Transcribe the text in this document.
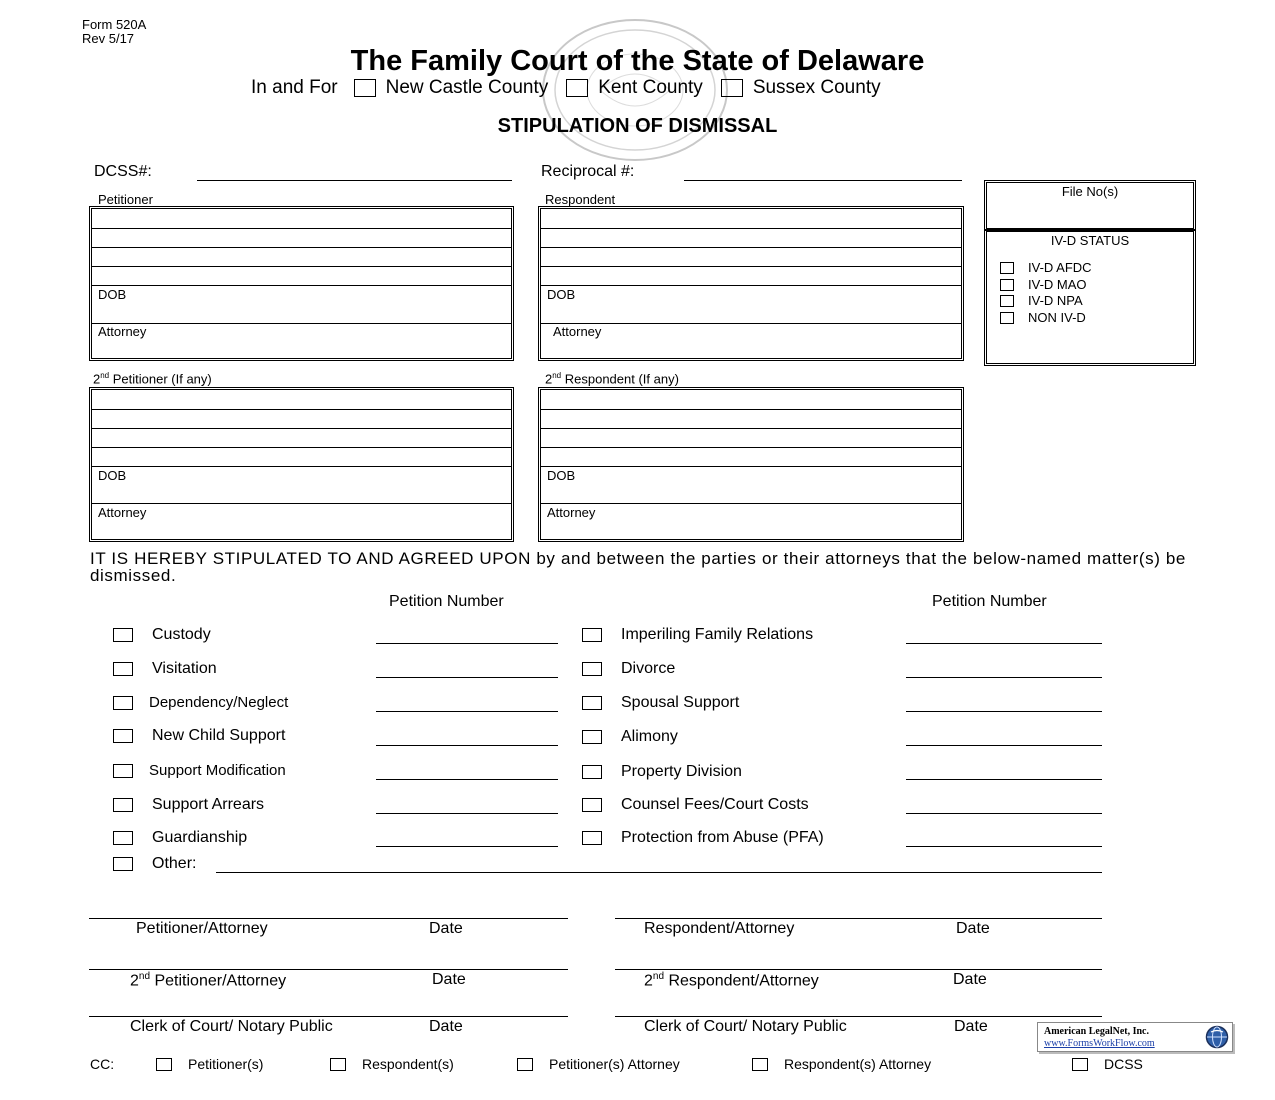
Form 520A
Rev 5/17
The Family Court of the State of Delaware
In and For	New Castle County	Kent County	Sussex County
STIPULATION OF DISMISSAL
DCSS#:	Reciprocal #:
Petitioner
DOB
Attorney
Respondent
DOB
Attorney
File No(s)
IV-D STATUS
IV-D AFDC
IV-D MAO
IV-D NPA
NON IV-D
2nd Petitioner (If any)
DOB
Attorney
2nd Respondent (If any)
DOB
Attorney
IT IS HEREBY STIPULATED TO AND AGREED UPON by and between the parties or their attorneys that the below-named matter(s) be dismissed.
Petition Number	Petition Number
Custody
Visitation
Dependency/Neglect
New Child Support
Support Modification
Support Arrears
Guardianship
Other:
Imperiling Family Relations
Divorce
Spousal Support
Alimony
Property Division
Counsel Fees/Court Costs
Protection from Abuse (PFA)
Petitioner/Attorney	Date	Respondent/Attorney	Date
2nd Petitioner/Attorney	Date	2nd Respondent/Attorney	Date
Clerk of Court/ Notary Public	Date	Clerk of Court/ Notary Public	Date	American LegalNet, Inc.
www.FormsWorkFlow.com
CC:	Petitioner(s)	Respondent(s)	Petitioner(s) Attorney	Respondent(s) Attorney	DCSS
